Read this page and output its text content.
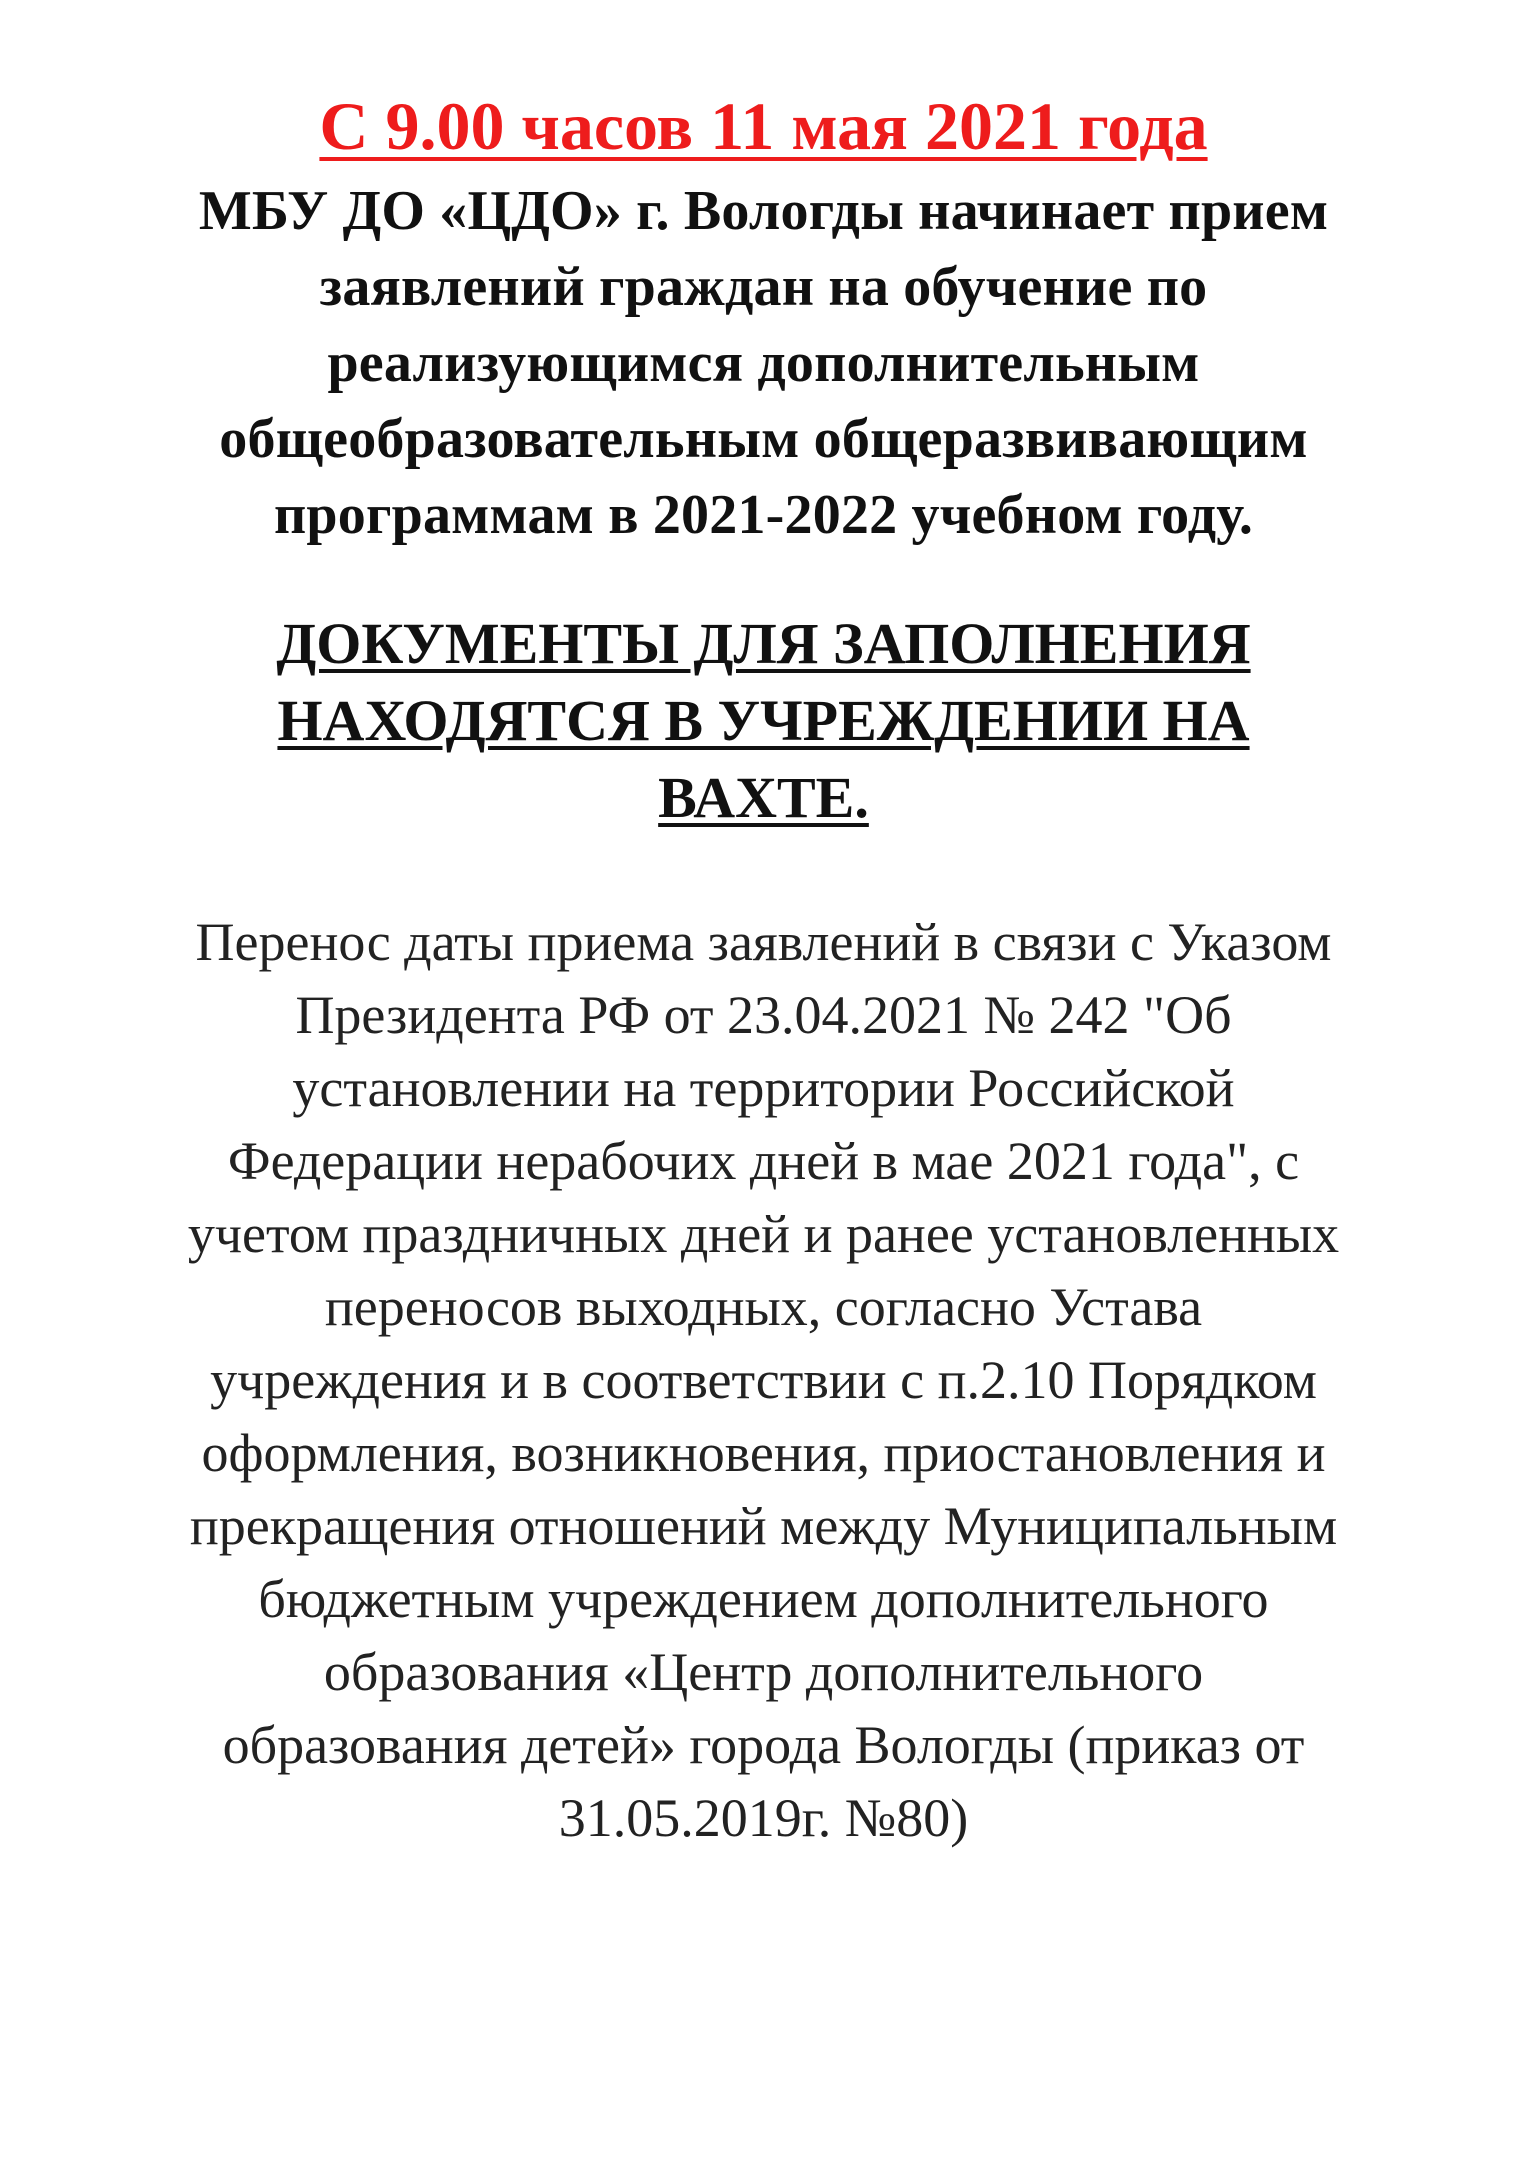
С 9.00 часов 11 мая 2021 года
МБУ ДО «ЦДО» г. Вологды начинает прием
заявлений граждан на обучение по
реализующимся дополнительным
общеобразовательным общеразвивающим
программам в 2021-2022 учебном году.
ДОКУМЕНТЫ ДЛЯ ЗАПОЛНЕНИЯ
НАХОДЯТСЯ В УЧРЕЖДЕНИИ НА
ВАХТЕ.
Перенос даты приема заявлений в связи с Указом
Президента РФ от 23.04.2021 № 242 "Об
установлении на территории Российской
Федерации нерабочих дней в мае 2021 года", с
учетом праздничных дней и ранее установленных
переносов выходных, согласно Устава
учреждения и в соответствии с п.2.10 Порядком
оформления, возникновения, приостановления и
прекращения отношений между Муниципальным
бюджетным учреждением дополнительного
образования «Центр дополнительного
образования детей» города Вологды (приказ от
31.05.2019г. №80)
